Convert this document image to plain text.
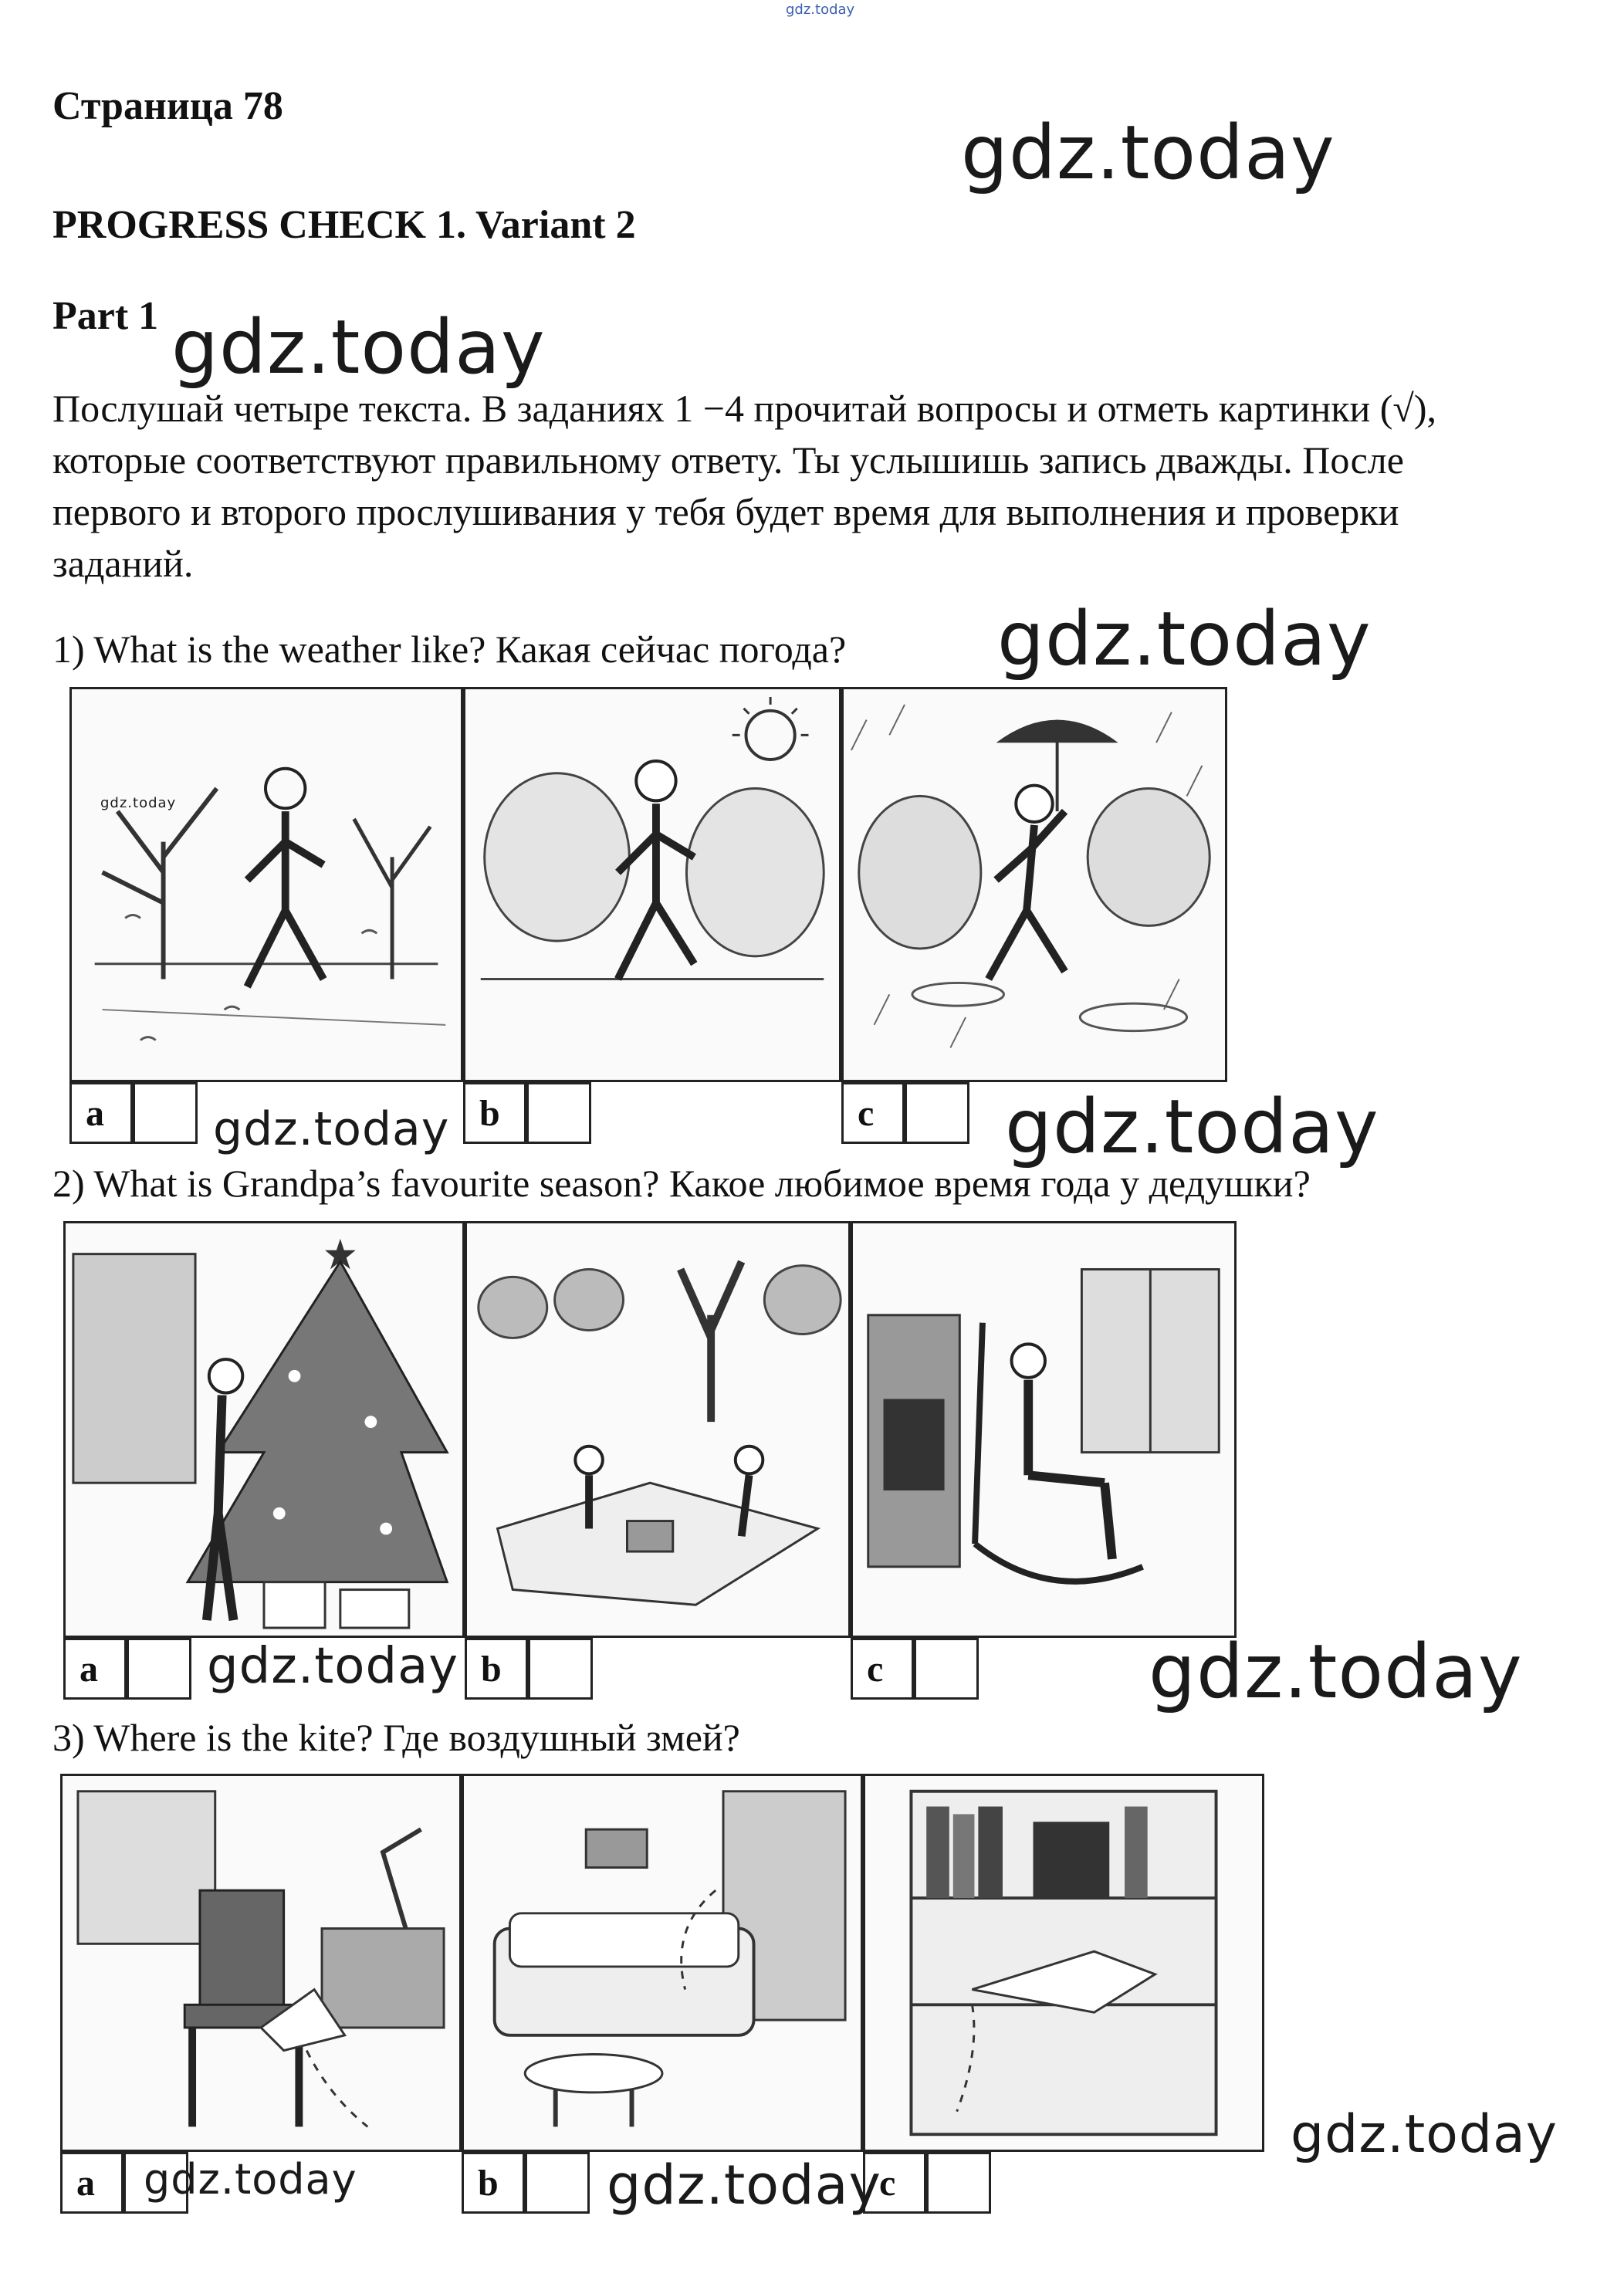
gdz.today
Страница 78
PROGRESS CHECK 1. Variant 2
Part 1
Послушай четыре текста. В заданиях 1 −4 прочитай вопросы и отметь картинки (√), которые соответствуют правильному ответу. Ты услышишь запись дважды. После первого и второго прослушивания у тебя будет время для выполнения и проверки заданий.
1) What is the weather like? Какая сейчас погода?
2) What is Grandpa’s favourite season? Какое любимое время года у дедушки?
3) Where is the kite? Где воздушный змей?
a	b	c
a	b	c
a	b	c
gdz.today
gdz.today
gdz.today
gdz.today
gdz.today	gdz.today
gdz.today	gdz.today
gdz.today
gdz.today	gdz.today
